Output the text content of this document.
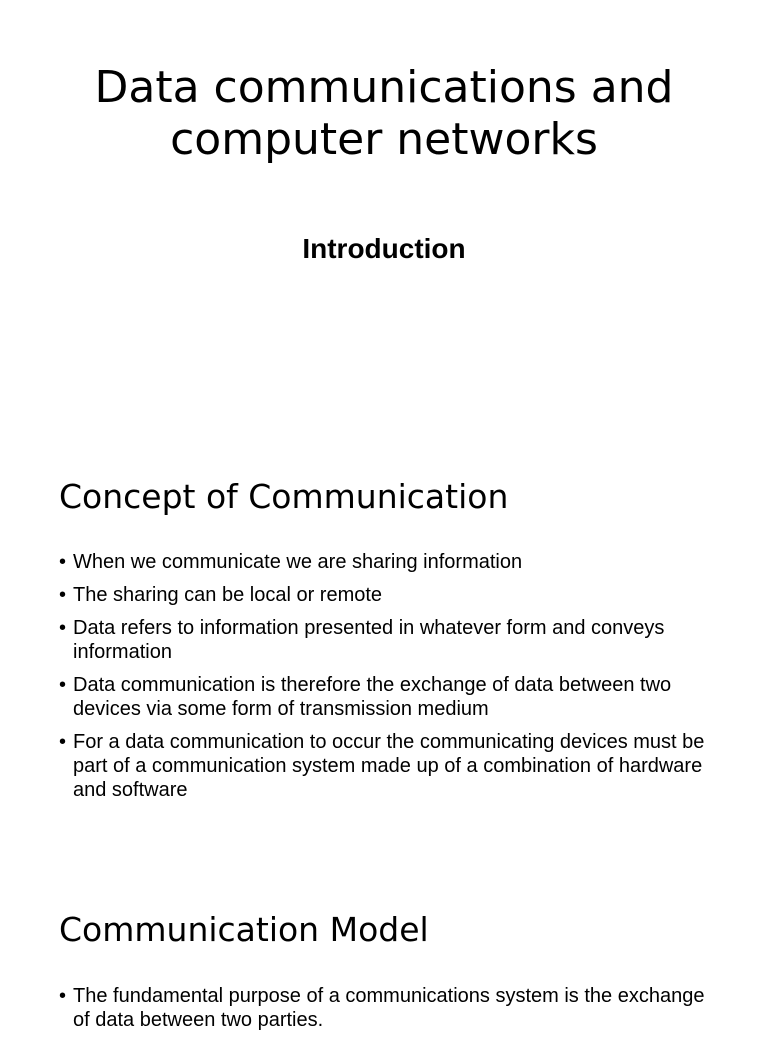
Data communications and computer networks
Introduction
Concept of Communication
• When we communicate we are sharing information
• The sharing can be local or remote
• Data refers to information presented in whatever form and conveys information
• Data communication is therefore the exchange of data between two devices via some form of transmission medium
• For a data communication to occur the communicating devices must be part of a communication system made up of a combination of hardware and software
Communication Model
• The fundamental purpose of a communications system is the exchange of data between two parties.
